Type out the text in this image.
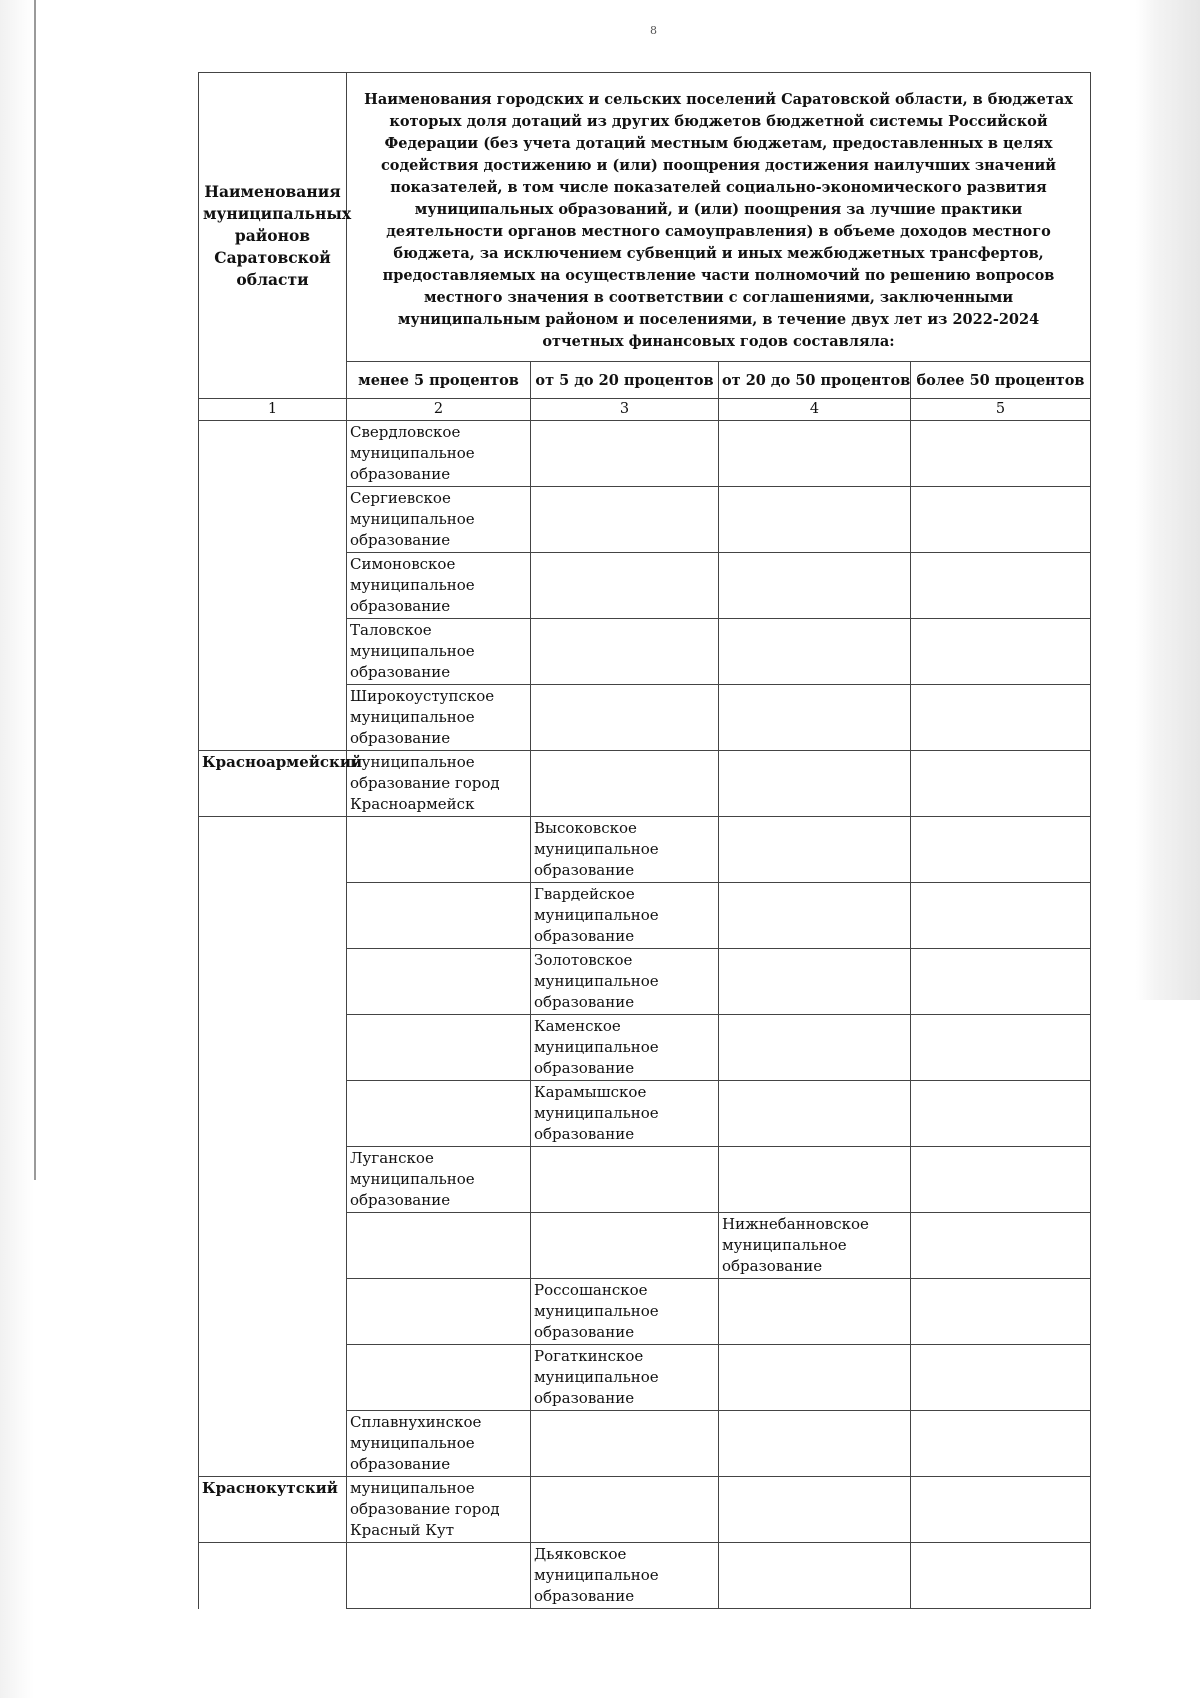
8
Наименования муниципальных районов Саратовской области	Наименования городских и сельских поселений Саратовской области, в бюджетах которых доля дотаций из других бюджетов бюджетной системы Российской Федерации (без учета дотаций местным бюджетам, предоставленных в целях содействия достижению и (или) поощрения достижения наилучших значений показателей, в том числе показателей социально-экономического развития муниципальных образований, и (или) поощрения за лучшие практики деятельности органов местного самоуправления) в объеме доходов местного бюджета, за исключением субвенций и иных межбюджетных трансфертов, предоставляемых на осуществление части полномочий по решению вопросов местного значения в соответствии с соглашениями, заключенными муниципальным районом и поселениями, в течение двух лет из 2022-2024 отчетных финансовых годов составляла:			
	менее 5 процентов	от 5 до 20 процентов	от 20 до 50 процентов	более 50 процентов
1	2	3	4	5
	Свердловское муниципальное образование			
	Сергиевское муниципальное образование			
	Симоновское муниципальное образование			
	Таловское муниципальное образование			
	Широкоуступское муниципальное образование			
Красноармейский	муниципальное образование город Красноармейск			
		Высоковское муниципальное образование		
		Гвардейское муниципальное образование		
		Золотовское муниципальное образование		
		Каменское муниципальное образование		
		Карамышское муниципальное образование		
	Луганское муниципальное образование			
			Нижнебанновское муниципальное образование	
		Россошанское муниципальное образование		
		Рогаткинское муниципальное образование		
	Сплавнухинское муниципальное образование			
Краснокутский	муниципальное образование город Красный Кут			
		Дьяковское муниципальное образование		
